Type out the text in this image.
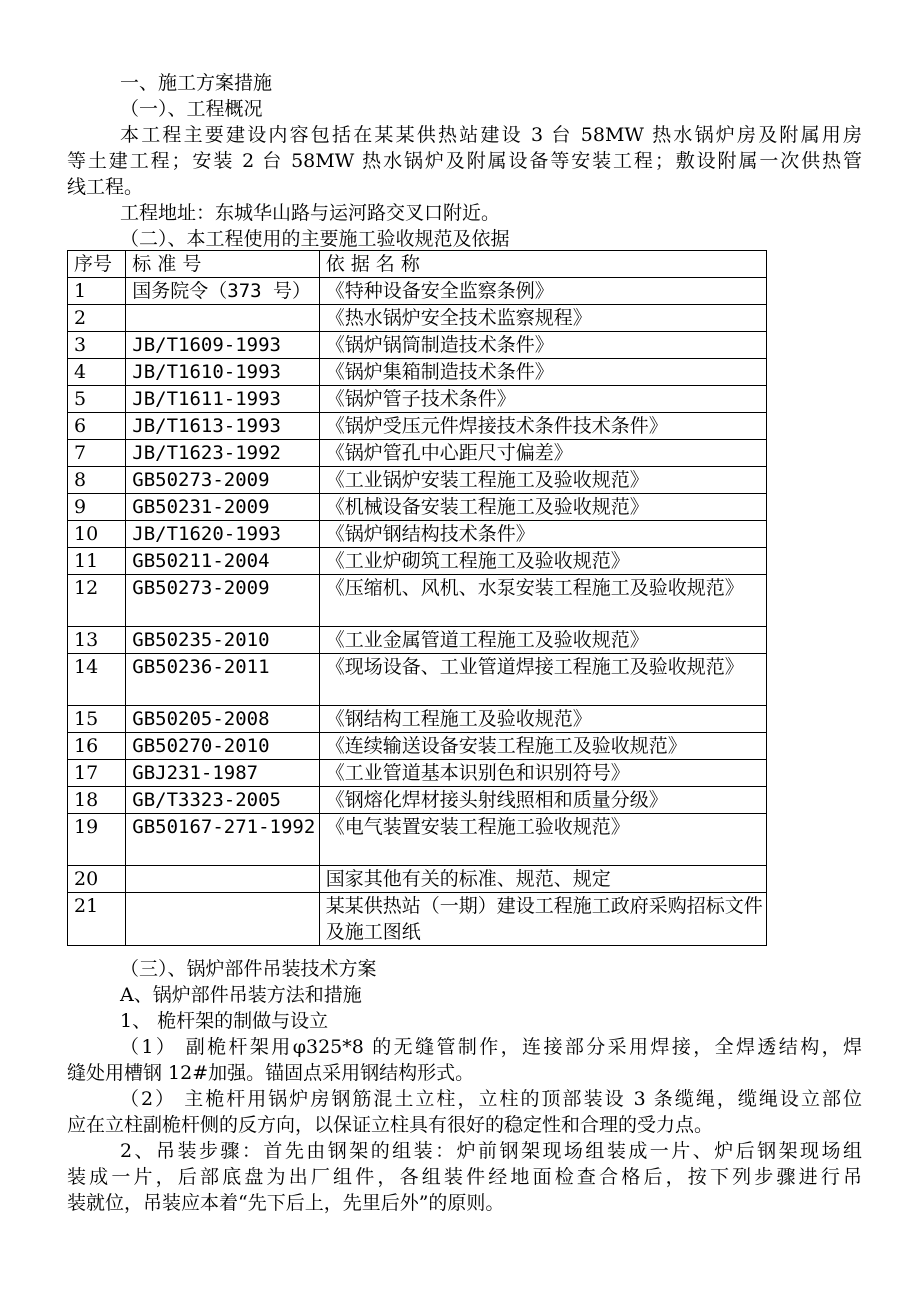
一、施工方案措施
（一）、工程概况
本工程主要建设内容包括在某某供热站建设 3 台 58MW 热水锅炉房及附属用房
等土建工程；安装 2 台 58MW 热水锅炉及附属设备等安装工程；敷设附属一次供热管
线工程。
工程地址：东城华山路与运河路交叉口附近。
（二）、本工程使用的主要施工验收规范及依据
序号	标 准 号	依 据 名 称
1	国务院令（373 号）	《特种设备安全监察条例》
2		《热水锅炉安全技术监察规程》
3	JB/T1609-1993	《锅炉锅筒制造技术条件》
4	JB/T1610-1993	《锅炉集箱制造技术条件》
5	JB/T1611-1993	《锅炉管子技术条件》
6	JB/T1613-1993	《锅炉受压元件焊接技术条件技术条件》
7	JB/T1623-1992	《锅炉管孔中心距尺寸偏差》
8	GB50273-2009	《工业锅炉安装工程施工及验收规范》
9	GB50231-2009	《机械设备安装工程施工及验收规范》
10	JB/T1620-1993	《锅炉钢结构技术条件》
11	GB50211-2004	《工业炉砌筑工程施工及验收规范》
12	GB50273-2009	《压缩机、风机、水泵安装工程施工及验收规范》
13	GB50235-2010	《工业金属管道工程施工及验收规范》
14	GB50236-2011	《现场设备、工业管道焊接工程施工及验收规范》
15	GB50205-2008	《钢结构工程施工及验收规范》
16	GB50270-2010	《连续输送设备安装工程施工及验收规范》
17	GBJ231-1987	《工业管道基本识别色和识别符号》
18	GB/T3323-2005	《钢熔化焊材接头射线照相和质量分级》
19	GB50167-271-1992	《电气装置安装工程施工验收规范》
20		国家其他有关的标准、规范、规定
21		某某供热站（一期）建设工程施工政府采购招标文件及施工图纸
（三）、锅炉部件吊装技术方案
A、锅炉部件吊装方法和措施
1、 桅杆架的制做与设立
（1） 副桅杆架用φ325*8 的无缝管制作，连接部分采用焊接，全焊透结构，焊
缝处用槽钢 12#加强。锚固点采用钢结构形式。
（2） 主桅杆用锅炉房钢筋混土立柱，立柱的顶部装设 3 条缆绳，缆绳设立部位
应在立柱副桅杆侧的反方向，以保证立柱具有很好的稳定性和合理的受力点。
2、吊装步骤：首先由钢架的组装：炉前钢架现场组装成一片、炉后钢架现场组
装成一片，后部底盘为出厂组件，各组装件经地面检查合格后，按下列步骤进行吊
装就位，吊装应本着“先下后上，先里后外”的原则。
